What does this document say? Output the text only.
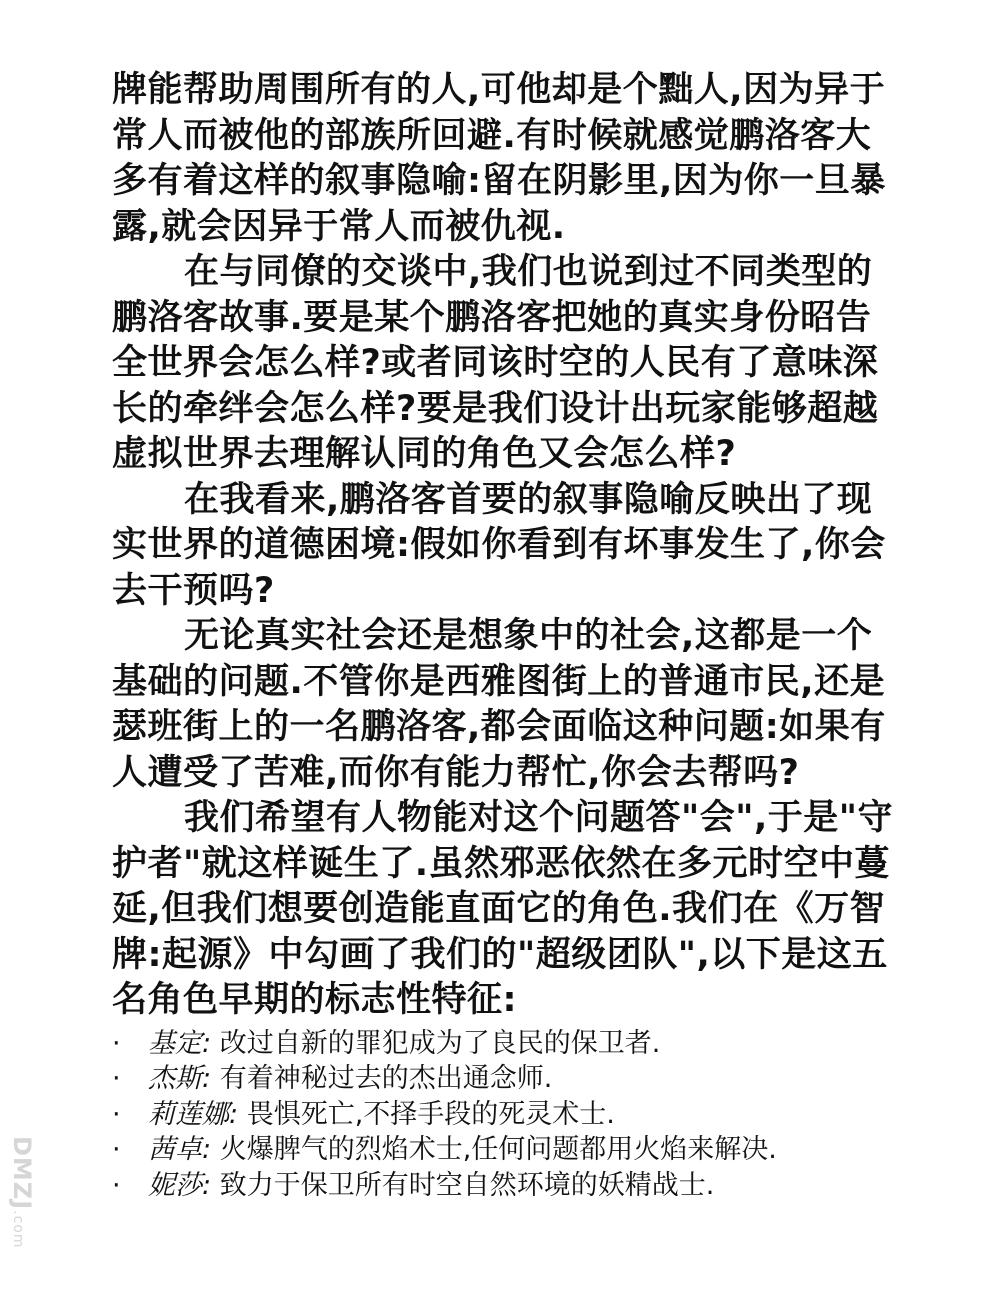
牌能帮助周围所有的人,可他却是个黜人,因为异于常人而被他的部族所回避.有时候就感觉鹏洛客大多有着这样的叙事隐喻:留在阴影里,因为你一旦暴露,就会因异于常人而被仇视.

在与同僚的交谈中,我们也说到过不同类型的鹏洛客故事.要是某个鹏洛客把她的真实身份昭告全世界会怎么样?或者同该时空的人民有了意味深长的牵绊会怎么样?要是我们设计出玩家能够超越虚拟世界去理解认同的角色又会怎么样?

在我看来,鹏洛客首要的叙事隐喻反映出了现实世界的道德困境:假如你看到有坏事发生了,你会去干预吗?

无论真实社会还是想象中的社会,这都是一个基础的问题.不管你是西雅图街上的普通市民,还是瑟班街上的一名鹏洛客,都会面临这种问题:如果有人遭受了苦难,而你有能力帮忙,你会去帮吗?

我们希望有人物能对这个问题答"会",于是"守护者"就这样诞生了.虽然邪恶依然在多元时空中蔓延,但我们想要创造能直面它的角色.我们在《万智牌:起源》中勾画了我们的"超级团队",以下是这五名角色早期的标志性特征:

· 基定: 改过自新的罪犯成为了良民的保卫者.
· 杰斯: 有着神秘过去的杰出通念师.
· 莉莲娜: 畏惧死亡,不择手段的死灵术士.
· 茜卓: 火爆脾气的烈焰术士,任何问题都用火焰来解决.
· 妮莎: 致力于保卫所有时空自然环境的妖精战士.
DMZJ.com
